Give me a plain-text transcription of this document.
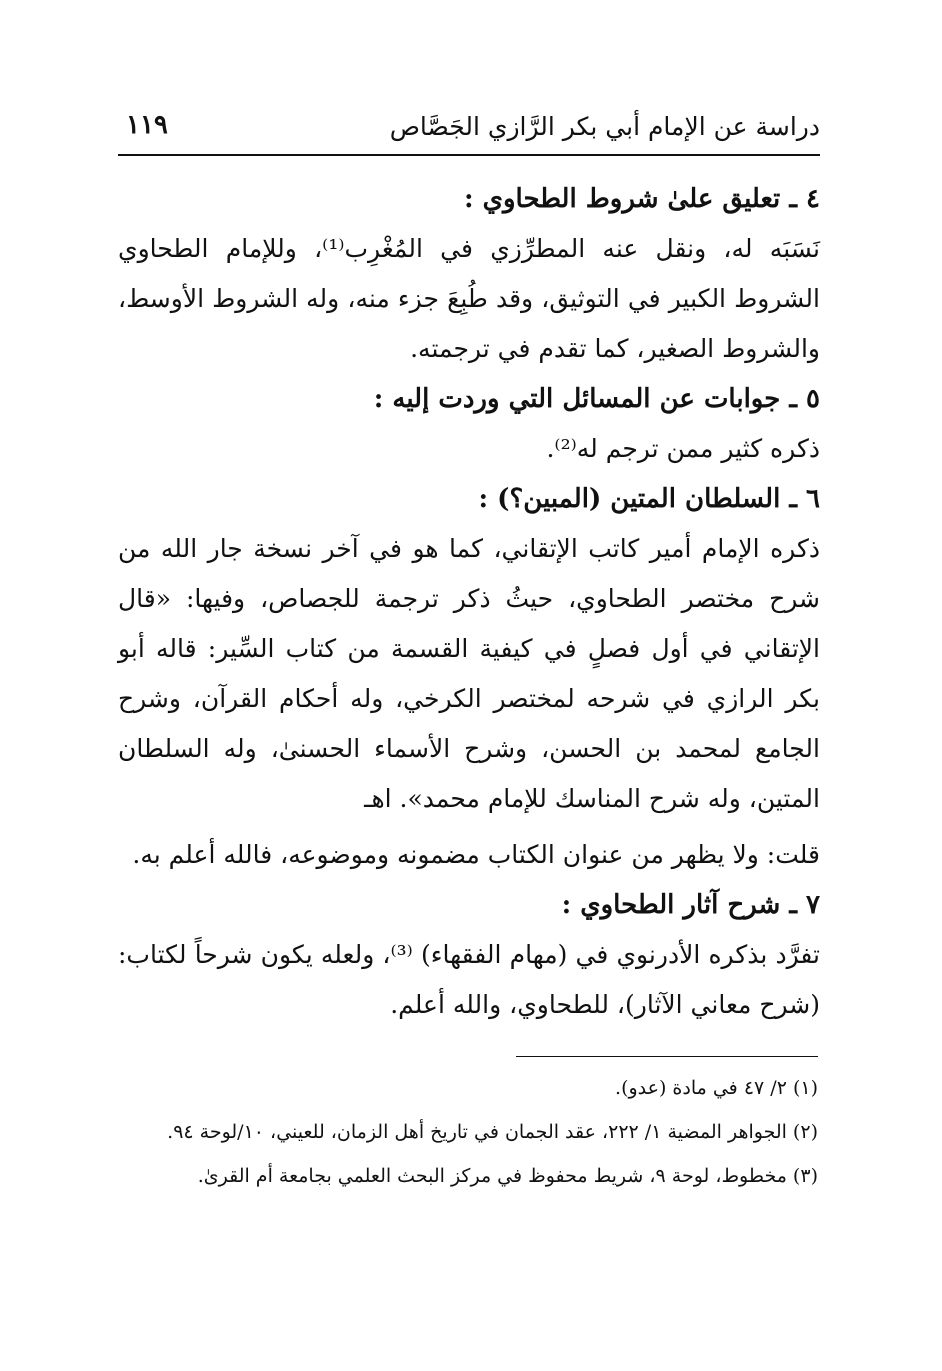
١١٩	دراسة عن الإمام أبي بكر الرَّازي الجَصَّاص
٤ ـ تعليق علىٰ شروط الطحاوي :

نَسَبَه له، ونقل عنه المطرِّزي في المُغْرِب⁽¹⁾، وللإمام الطحاوي الشروط الكبير في التوثيق، وقد طُبِعَ جزء منه، وله الشروط الأوسط، والشروط الصغير، كما تقدم في ترجمته.

٥ ـ جوابات عن المسائل التي وردت إليه :

ذكره كثير ممن ترجم له⁽²⁾.

٦ ـ السلطان المتين (المبين؟) :

ذكره الإمام أمير كاتب الإتقاني، كما هو في آخر نسخة جار الله من شرح مختصر الطحاوي، حيثُ ذكر ترجمة للجصاص، وفيها: «قال الإتقاني في أول فصلٍ في كيفية القسمة من كتاب السِّير: قاله أبو بكر الرازي في شرحه لمختصر الكرخي، وله أحكام القرآن، وشرح الجامع لمحمد بن الحسن، وشرح الأسماء الحسنىٰ، وله السلطان المتين، وله شرح المناسك للإمام محمد». اهـ

قلت: ولا يظهر من عنوان الكتاب مضمونه وموضوعه، فالله أعلم به.

٧ ـ شرح آثار الطحاوي :

تفرَّد بذكره الأدرنوي في (مهام الفقهاء) ⁽³⁾، ولعله يكون شرحاً لكتاب: (شرح معاني الآثار)، للطحاوي، والله أعلم.

(١) ٢/ ٤٧ في مادة (عدو).

(٢) الجواهر المضية ١/ ٢٢٢، عقد الجمان في تاريخ أهل الزمان، للعيني، ١٠/لوحة ٩٤.

(٣) مخطوط، لوحة ٩، شريط محفوظ في مركز البحث العلمي بجامعة أم القرىٰ.
